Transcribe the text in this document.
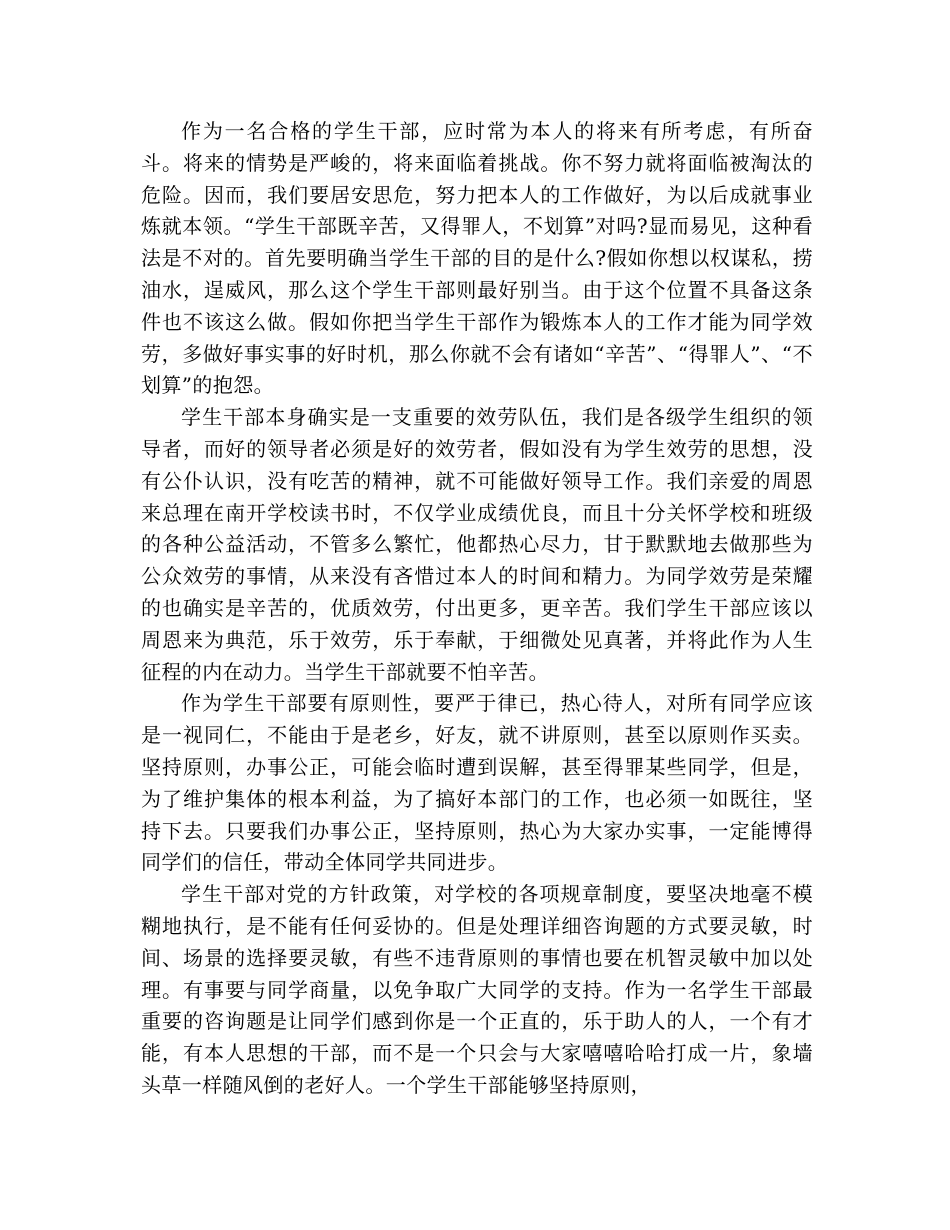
作为一名合格的学生干部，应时常为本人的将来有所考虑，有所奋斗。将来的情势是严峻的，将来面临着挑战。你不努力就将面临被淘汰的危险。因而，我们要居安思危，努力把本人的工作做好，为以后成就事业炼就本领。“学生干部既辛苦，又得罪人，不划算”对吗?显而易见，这种看法是不对的。首先要明确当学生干部的目的是什么?假如你想以权谋私，捞油水，逞威风，那么这个学生干部则最好别当。由于这个位置不具备这条件也不该这么做。假如你把当学生干部作为锻炼本人的工作才能为同学效劳，多做好事实事的好时机，那么你就不会有诸如“辛苦”、“得罪人”、“不划算”的抱怨。

学生干部本身确实是一支重要的效劳队伍，我们是各级学生组织的领导者，而好的领导者必须是好的效劳者，假如没有为学生效劳的思想，没有公仆认识，没有吃苦的精神，就不可能做好领导工作。我们亲爱的周恩来总理在南开学校读书时，不仅学业成绩优良，而且十分关怀学校和班级的各种公益活动，不管多么繁忙，他都热心尽力，甘于默默地去做那些为公众效劳的事情，从来没有吝惜过本人的时间和精力。为同学效劳是荣耀的也确实是辛苦的，优质效劳，付出更多，更辛苦。我们学生干部应该以周恩来为典范，乐于效劳，乐于奉献，于细微处见真著，并将此作为人生征程的内在动力。当学生干部就要不怕辛苦。

作为学生干部要有原则性，要严于律已，热心待人，对所有同学应该是一视同仁，不能由于是老乡，好友，就不讲原则，甚至以原则作买卖。坚持原则，办事公正，可能会临时遭到误解，甚至得罪某些同学，但是，为了维护集体的根本利益，为了搞好本部门的工作，也必须一如既往，坚持下去。只要我们办事公正，坚持原则，热心为大家办实事，一定能博得同学们的信任，带动全体同学共同进步。

学生干部对党的方针政策，对学校的各项规章制度，要坚决地毫不模糊地执行，是不能有任何妥协的。但是处理详细咨询题的方式要灵敏，时间、场景的选择要灵敏，有些不违背原则的事情也要在机智灵敏中加以处理。有事要与同学商量，以免争取广大同学的支持。作为一名学生干部最重要的咨询题是让同学们感到你是一个正直的，乐于助人的人，一个有才能，有本人思想的干部，而不是一个只会与大家嘻嘻哈哈打成一片，象墙头草一样随风倒的老好人。一个学生干部能够坚持原则，
